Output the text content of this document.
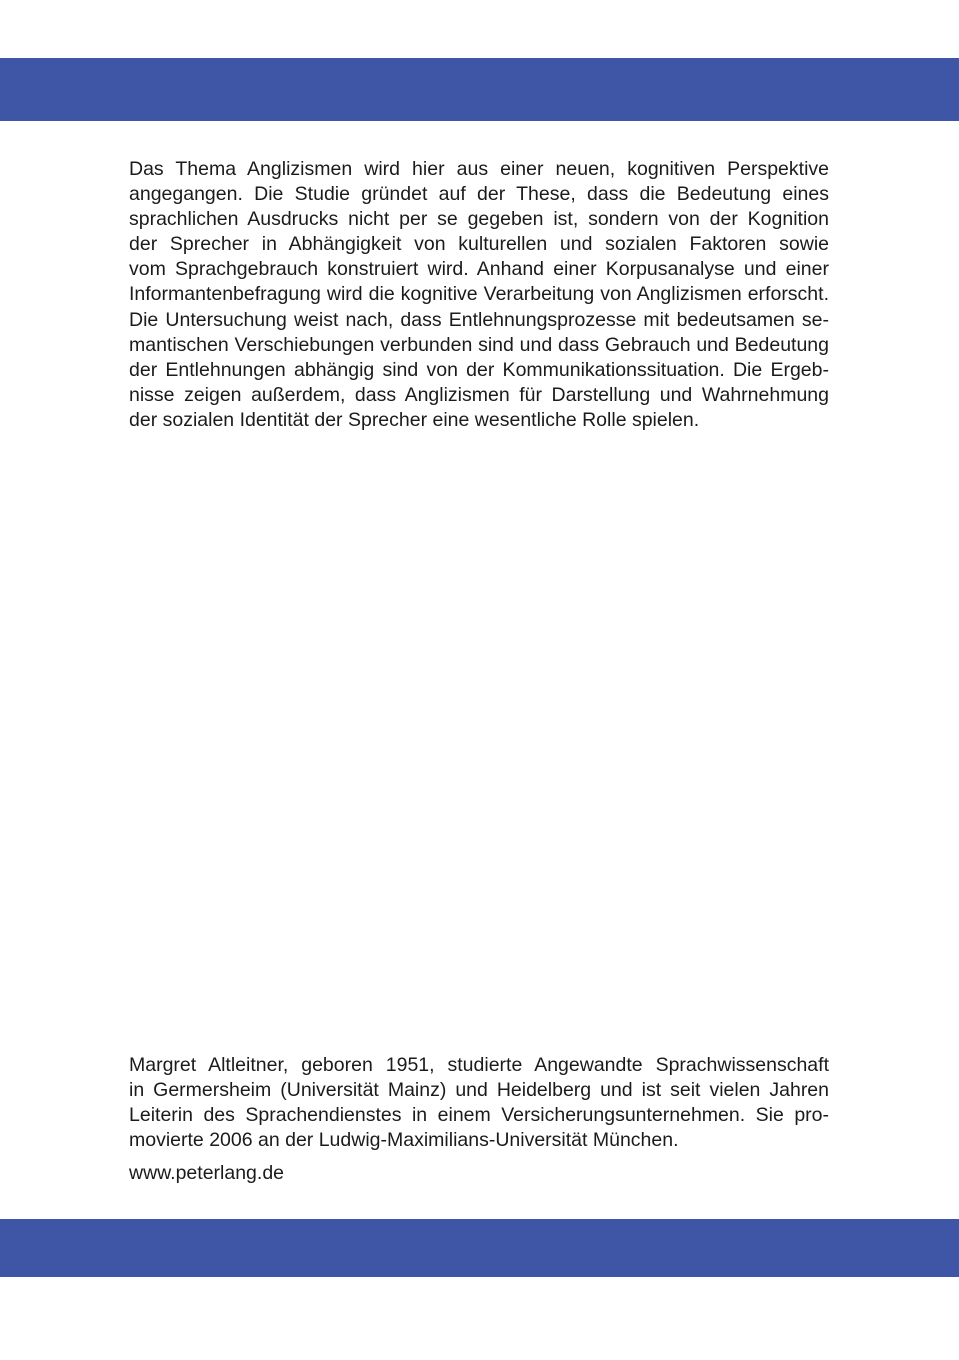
Das Thema Anglizismen wird hier aus einer neuen, kognitiven Perspektive
angegangen. Die Studie gründet auf der These, dass die Bedeutung eines
sprachlichen Ausdrucks nicht per se gegeben ist, sondern von der Kognition
der Sprecher in Abhängigkeit von kulturellen und sozialen Faktoren sowie
vom Sprachgebrauch konstruiert wird. Anhand einer Korpusanalyse und einer
Informantenbefragung wird die kognitive Verarbeitung von Anglizismen erforscht.
Die Untersuchung weist nach, dass Entlehnungsprozesse mit bedeutsamen se-
mantischen Verschiebungen verbunden sind und dass Gebrauch und Bedeutung
der Entlehnungen abhängig sind von der Kommunikationssituation. Die Ergeb-
nisse zeigen außerdem, dass Anglizismen für Darstellung und Wahrnehmung
der sozialen Identität der Sprecher eine wesentliche Rolle spielen.
Margret Altleitner, geboren 1951, studierte Angewandte Sprachwissenschaft
in Germersheim (Universität Mainz) und Heidelberg und ist seit vielen Jahren
Leiterin des Sprachendienstes in einem Versicherungsunternehmen. Sie pro-
movierte 2006 an der Ludwig-Maximilians-Universität München.
www.peterlang.de
